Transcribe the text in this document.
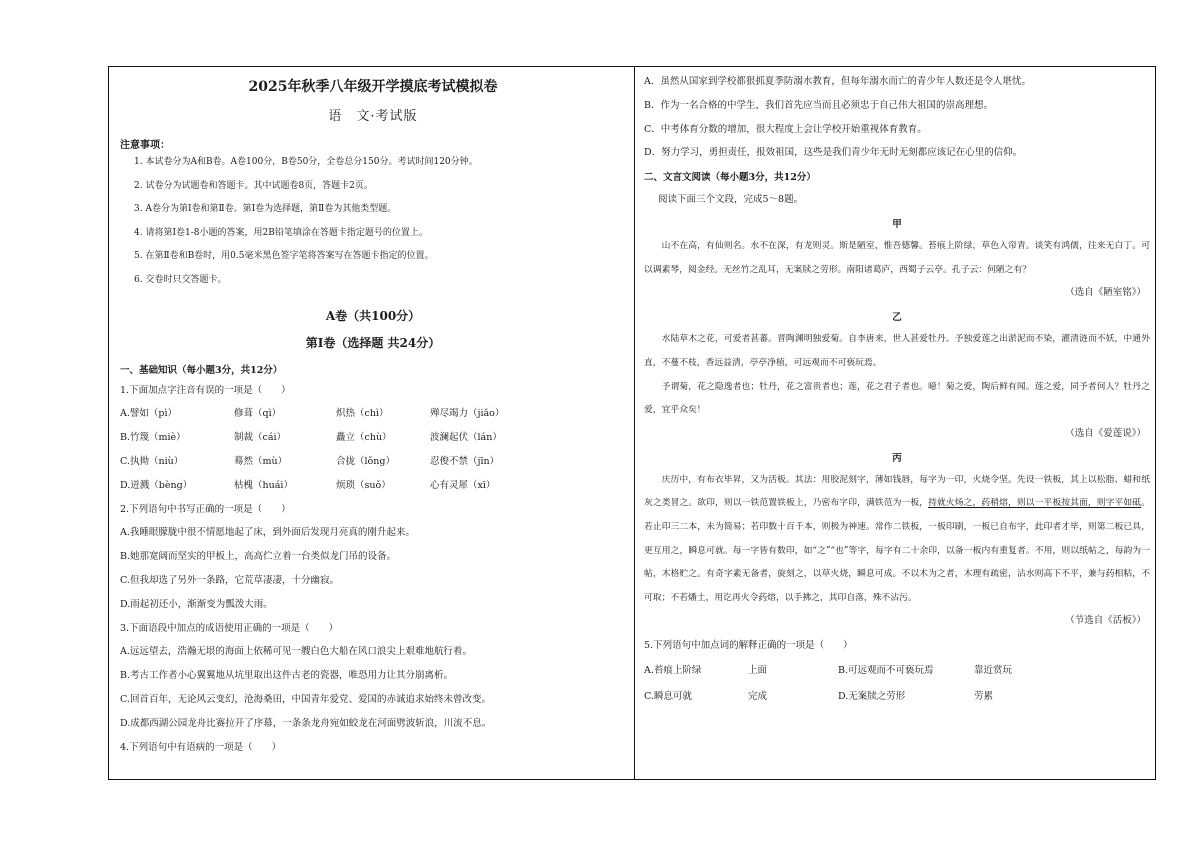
2025年秋季八年级开学摸底考试模拟卷
语　文·考试版
注意事项：
1. 本试卷分为A和B卷。A卷100分，B卷50分，全卷总分150分。考试时间120分钟。
2. 试卷分为试题卷和答题卡。其中试题卷8页，答题卡2页。
3. A卷分为第Ⅰ卷和第Ⅱ卷。第Ⅰ卷为选择题，第Ⅱ卷为其他类型题。
4. 请将第Ⅰ卷1-8小题的答案，用2B铅笔填涂在答题卡指定题号的位置上。
5. 在第Ⅱ卷和B卷时，用0.5毫米黑色签字笔将答案写在答题卡指定的位置。
6. 交卷时只交答题卡。
A卷（共100分）
第Ⅰ卷（选择题 共24分）
一、基础知识（每小题3分，共12分）
1.下面加点字注音有误的一项是（　　）
A.譬如（pì）	修葺（qì）	炽热（chì）	殚尽竭力（jiǎo）
B.竹篾（miè）	制裁（cái）	矗立（chù）	波澜起伏（lán）
C.执拗（niù）	蓦然（mù）	合拢（lǒng）	忍俊不禁（jīn）
D.迸溅（bèng）	枯槐（huái）	烦琐（suǒ）	心有灵犀（xī）
2.下列语句中书写正确的一项是（　　）
A.我睡眼朦胧中很不情愿地起了床，到外面后发现月亮真的刚升起来。
B.她那宽阔而坚实的甲板上，高高伫立着一台类似龙门吊的设备。
C.但我却选了另外一条路，它荒草凄凄，十分幽寂。
D.雨起初还小，渐渐变为瓢泼大雨。
3.下面语段中加点的成语使用正确的一项是（　　）
A.远远望去，浩瀚无垠的海面上依稀可见一艘白色大船在风口浪尖上艰难地航行着。
B.考古工作者小心翼翼地从坑里取出这件古老的瓷器，唯恐用力让其分崩离析。
C.回首百年，无论风云变幻，沧海桑田，中国青年爱党、爱国的赤诚追求始终未曾改变。
D.成都西湖公园龙舟比赛拉开了序幕，一条条龙舟宛如蛟龙在河面劈波斩浪，川流不息。
4.下列语句中有语病的一项是（　　）
A．虽然从国家到学校都狠抓夏季防溺水教育，但每年溺水而亡的青少年人数还是令人堪忧。
B．作为一名合格的中学生，我们首先应当而且必须忠于自己伟大祖国的崇高理想。
C．中考体育分数的增加，很大程度上会让学校开始重视体育教育。
D．努力学习，勇担责任，报效祖国，这些是我们青少年无时无刻都应该记在心里的信仰。
二、文言文阅读（每小题3分，共12分）
阅读下面三个文段，完成5～8题。
甲

山不在高，有仙则名。水不在深，有龙则灵。斯是陋室，惟吾德馨。苔痕上阶绿，草色入帘青。谈笑有鸿儒，往来无白丁。可以调素琴，阅金经。无丝竹之乱耳，无案牍之劳形。南阳诸葛庐，西蜀子云亭。孔子云：何陋之有？

（选自《陋室铭》）
乙

水陆草木之花，可爱者甚蕃。晋陶渊明独爱菊。自李唐来，世人甚爱牡丹。予独爱莲之出淤泥而不染，濯清涟而不妖，中通外直，不蔓不枝，香远益清，亭亭净植，可远观而不可亵玩焉。

予谓菊，花之隐逸者也；牡丹，花之富贵者也；莲，花之君子者也。噫！菊之爱，陶后鲜有闻。莲之爱，同予者何人？牡丹之爱，宜乎众矣！

（选自《爱莲说》）
丙

庆历中，有布衣毕昇，又为活板。其法：用胶泥刻字，薄如钱唇，每字为一印，火烧令坚。先设一铁板，其上以松脂、蜡和纸灰之类冒之。欲印，则以一铁范置铁板上，乃密布字印，满铁范为一板，持就火炀之，药稍熔，则以一平板按其面，则字平如砥。若止印三二本，未为简易；若印数十百千本，则极为神速。常作二铁板，一板印刷，一板已自布字，此印者才毕，则第二板已具，更互用之，瞬息可就。每一字皆有数印，如“之”“也”等字，每字有二十余印，以备一板内有重复者。不用，则以纸帖之，每韵为一帖，木格贮之。有奇字素无备者，旋刻之，以草火烧，瞬息可成。不以木为之者，木理有疏密，沾水则高下不平，兼与药相粘，不可取；不若燔土，用讫再火令药熔，以手拂之，其印自落，殊不沾污。

（节选自《活板》）
5.下列语句中加点词的解释正确的一项是（　　）
A.苔痕上阶绿	上面	B.可远观而不可亵玩焉	靠近赏玩
C.瞬息可就	完成	D.无案牍之劳形	劳累
